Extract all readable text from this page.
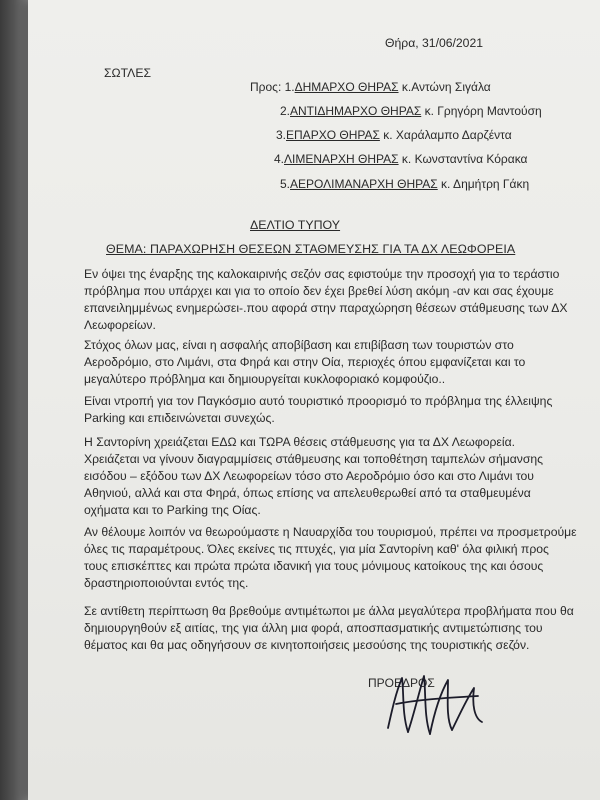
Θήρα, 31/06/2021
ΣΩΤΛΕΣ
Προς: 1.ΔΗΜΑΡΧΟ ΘΗΡΑΣ κ.Αντώνη Σιγάλα
2.ΑΝΤΙΔΗΜΑΡΧΟ ΘΗΡΑΣ κ. Γρηγόρη Μαντούση
3.ΕΠΑΡΧΟ ΘΗΡΑΣ κ. Χαράλαμπο Δαρζέντα
4.ΛΙΜΕΝΑΡΧΗ ΘΗΡΑΣ κ. Κωνσταντίνα Κόρακα
5.ΑΕΡΟΛΙΜΑΝΑΡΧΗ ΘΗΡΑΣ κ. Δημήτρη Γάκη
ΔΕΛΤΙΟ ΤΥΠΟΥ
ΘΕΜΑ: ΠΑΡΑΧΩΡΗΣΗ ΘΕΣΕΩΝ ΣΤΑΘΜΕΥΣΗΣ ΓΙΑ ΤΑ ΔΧ ΛΕΩΦΟΡΕΙΑ
Εν όψει της έναρξης της καλοκαιρινής σεζόν σας εφιστούμε την προσοχή για το τεράστιο
πρόβλημα που υπάρχει και για το οποίο δεν έχει βρεθεί λύση ακόμη -αν και σας έχουμε
επανειλημμένως ενημερώσει-.που αφορά στην παραχώρηση θέσεων στάθμευσης των ΔΧ
Λεωφορείων.
Στόχος όλων μας, είναι η ασφαλής αποβίβαση και επιβίβαση των τουριστών στο
Αεροδρόμιο, στο Λιμάνι, στα Φηρά και στην Οία, περιοχές όπου εμφανίζεται και το
μεγαλύτερο πρόβλημα και δημιουργείται κυκλοφοριακό κομφούζιο..
Είναι ντροπή για τον Παγκόσμιο αυτό τουριστικό προορισμό το πρόβλημα της έλλειψης
Parking και επιδεινώνεται συνεχώς.
Η Σαντορίνη χρειάζεται ΕΔΩ και ΤΩΡΑ θέσεις στάθμευσης για τα ΔΧ Λεωφορεία.
Χρειάζεται να γίνουν διαγραμμίσεις στάθμευσης και τοποθέτηση ταμπελών σήμανσης
εισόδου – εξόδου των ΔΧ Λεωφορείων τόσο στο Αεροδρόμιο όσο και στο Λιμάνι του
Αθηνιού, αλλά και στα Φηρά, όπως επίσης να απελευθερωθεί από τα σταθμευμένα
οχήματα και το Parking της Οίας.
Αν θέλουμε λοιπόν να θεωρούμαστε η Ναυαρχίδα του τουρισμού, πρέπει να προσμετρούμε
όλες τις παραμέτρους. Όλες εκείνες τις πτυχές, για μία Σαντορίνη καθ' όλα φιλική προς
τους επισκέπτες και πρώτα πρώτα ιδανική για τους μόνιμους κατοίκους της και όσους
δραστηριοποιούνται εντός της.
Σε αντίθετη περίπτωση θα βρεθούμε αντιμέτωποι με άλλα μεγαλύτερα προβλήματα που θα
δημιουργηθούν εξ αιτίας, της για άλλη μια φορά, αποσπασματικής αντιμετώπισης του
θέματος και θα μας οδηγήσουν σε κινητοποιήσεις μεσούσης της τουριστικής σεζόν.
ΠΡΟΕΔΡΟΣ
